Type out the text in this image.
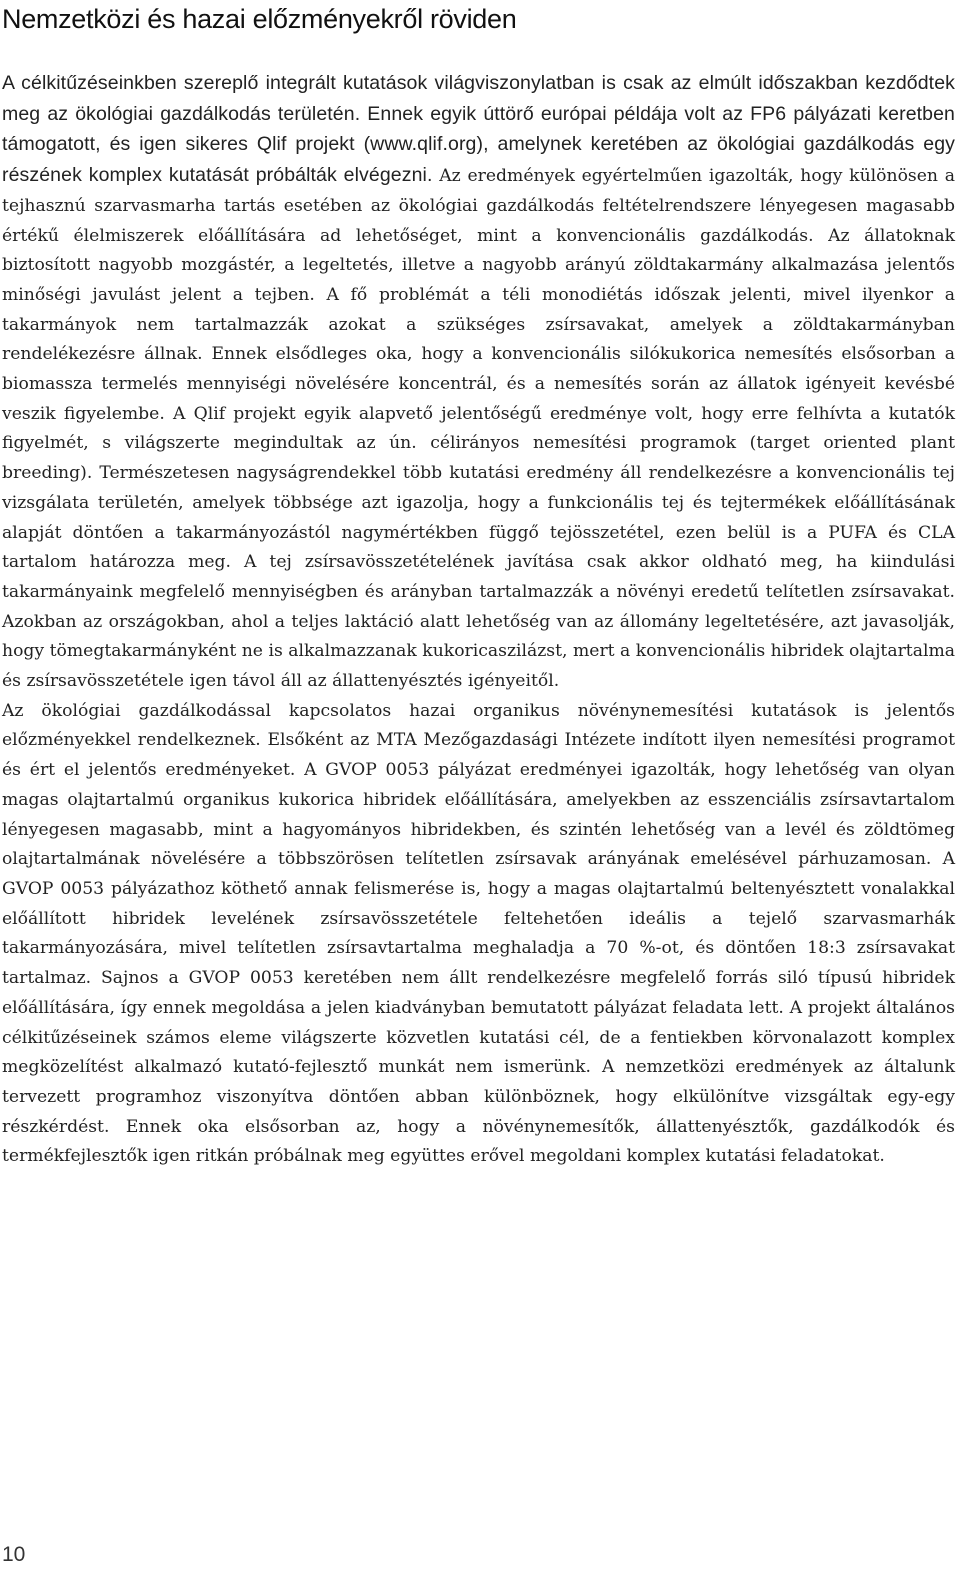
Nemzetközi és hazai előzményekről röviden

A célkitűzéseinkben szereplő integrált kutatások világviszonylatban is csak az elmúlt időszakban kezdődtek meg az ökológiai gazdálkodás területén. Ennek egyik úttörő európai példája volt az FP6 pályázati keretben támogatott, és igen sikeres Qlif projekt (www.qlif.org), amelynek keretében az ökológiai gazdálkodás egy részének komplex kutatását próbálták elvégezni. Az eredmények egyértelműen igazolták, hogy különösen a tejhasznú szarvasmarha tartás esetében az ökológiai gazdálkodás feltételrendszere lényegesen magasabb értékű élelmiszerek előállítására ad lehetőséget, mint a konvencionális gazdálkodás. Az állatoknak biztosított nagyobb mozgástér, a legeltetés, illetve a nagyobb arányú zöldtakarmány alkalmazása jelentős minőségi javulást jelent a tejben. A fő problémát a téli monodiétás időszak jelenti, mivel ilyenkor a takarmányok nem tartalmazzák azokat a szükséges zsírsavakat, amelyek a zöldtakarmányban rendelékezésre állnak. Ennek elsődleges oka, hogy a konvencionális silókukorica nemesítés elsősorban a biomassza termelés mennyiségi növelésére koncentrál, és a nemesítés során az állatok igényeit kevésbé veszik figyelembe. A Qlif projekt egyik alapvető jelentőségű eredménye volt, hogy erre felhívta a kutatók figyelmét, s világszerte megindultak az ún. célirányos nemesítési programok (target oriented plant breeding). Természetesen nagyságrendekkel több kutatási eredmény áll rendelkezésre a konvencionális tej vizsgálata területén, amelyek többsége azt igazolja, hogy a funkcionális tej és tejtermékek előállításának alapját döntően a takarmányozástól nagymértékben függő tejösszetétel, ezen belül is a PUFA és CLA tartalom határozza meg. A tej zsírsavösszetételének javítása csak akkor oldható meg, ha kiindulási takarmányaink megfelelő mennyiségben és arányban tartalmazzák a növényi eredetű telítetlen zsírsavakat. Azokban az országokban, ahol a teljes laktáció alatt lehetőség van az állomány legeltetésére, azt javasolják, hogy tömegtakarmányként ne is alkalmazzanak kukoricaszilázst, mert a konvencionális hibridek olajtartalma és zsírsavösszetétele igen távol áll az állattenyésztés igényeitől.

Az ökológiai gazdálkodással kapcsolatos hazai organikus növénynemesítési kutatások is jelentős előzményekkel rendelkeznek. Elsőként az MTA Mezőgazdasági Intézete indított ilyen nemesítési programot és ért el jelentős eredményeket. A GVOP 0053 pályázat eredményei igazolták, hogy lehetőség van olyan magas olajtartalmú organikus kukorica hibridek előállítására, amelyekben az esszenciális zsírsavtartalom lényegesen magasabb, mint a hagyományos hibridekben, és szintén lehetőség van a levél és zöldtömeg olajtartalmának növelésére a többszörösen telítetlen zsírsavak arányának emelésével párhuzamosan. A GVOP 0053 pályázathoz köthető annak felismerése is, hogy a magas olajtartalmú beltenyésztett vonalakkal előállított hibridek levelének zsírsavösszetétele feltehetően ideális a tejelő szarvasmarhák takarmányozására, mivel telítetlen zsírsavtartalma meghaladja a 70 %-ot, és döntően 18:3 zsírsavakat tartalmaz. Sajnos a GVOP 0053 keretében nem állt rendelkezésre megfelelő forrás siló típusú hibridek előállítására, így ennek megoldása a jelen kiadványban bemutatott pályázat feladata lett. A projekt általános célkitűzéseinek számos eleme világszerte közvetlen kutatási cél, de a fentiekben körvonalazott komplex megközelítést alkalmazó kutató-fejlesztő munkát nem ismerünk. A nemzetközi eredmények az általunk tervezett programhoz viszonyítva döntően abban különböznek, hogy elkülönítve vizsgáltak egy-egy részkérdést. Ennek oka elsősorban az, hogy a növénynemesítők, állattenyésztők, gazdálkodók és termékfejlesztők igen ritkán próbálnak meg együttes erővel megoldani komplex kutatási feladatokat.

10
